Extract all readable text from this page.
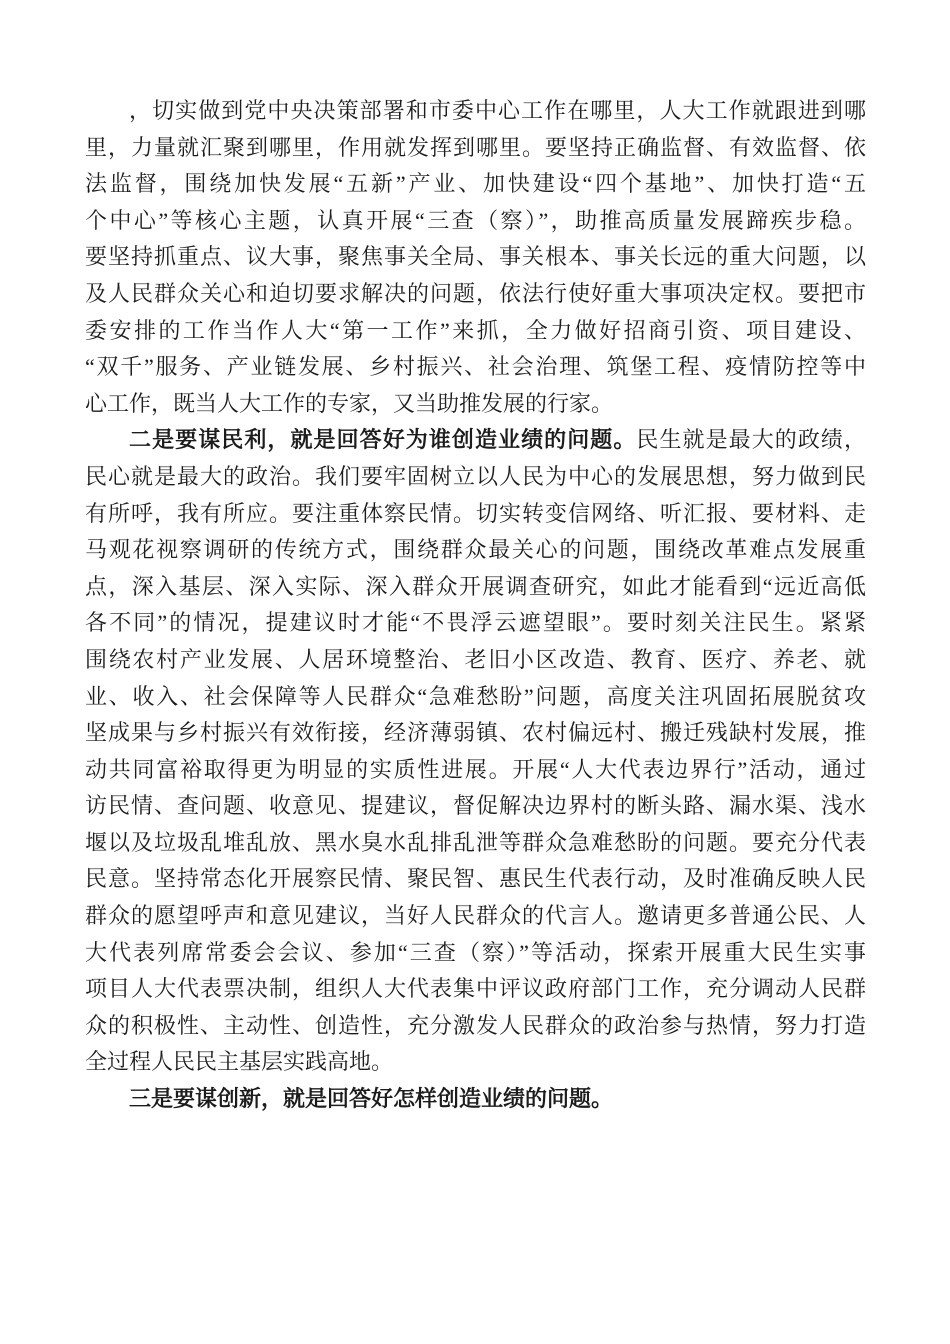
，切实做到党中央决策部署和市委中心工作在哪里，人大工作就跟进到哪
里，力量就汇聚到哪里，作用就发挥到哪里。要坚持正确监督、有效监督、依
法监督，围绕加快发展“五新”产业、加快建设“四个基地”、加快打造“五
个中心”等核心主题，认真开展“三查（察）”，助推高质量发展蹄疾步稳。
要坚持抓重点、议大事，聚焦事关全局、事关根本、事关长远的重大问题，以
及人民群众关心和迫切要求解决的问题，依法行使好重大事项决定权。要把市
委安排的工作当作人大“第一工作”来抓，全力做好招商引资、项目建设、
“双千”服务、产业链发展、乡村振兴、社会治理、筑堡工程、疫情防控等中
心工作，既当人大工作的专家，又当助推发展的行家。
二是要谋民利，就是回答好为谁创造业绩的问题。民生就是最大的政绩，
民心就是最大的政治。我们要牢固树立以人民为中心的发展思想，努力做到民
有所呼，我有所应。要注重体察民情。切实转变信网络、听汇报、要材料、走
马观花视察调研的传统方式，围绕群众最关心的问题，围绕改革难点发展重
点，深入基层、深入实际、深入群众开展调查研究，如此才能看到“远近高低
各不同”的情况，提建议时才能“不畏浮云遮望眼”。要时刻关注民生。紧紧
围绕农村产业发展、人居环境整治、老旧小区改造、教育、医疗、养老、就
业、收入、社会保障等人民群众“急难愁盼”问题，高度关注巩固拓展脱贫攻
坚成果与乡村振兴有效衔接，经济薄弱镇、农村偏远村、搬迁残缺村发展，推
动共同富裕取得更为明显的实质性进展。开展“人大代表边界行”活动，通过
访民情、查问题、收意见、提建议，督促解决边界村的断头路、漏水渠、浅水
堰以及垃圾乱堆乱放、黑水臭水乱排乱泄等群众急难愁盼的问题。要充分代表
民意。坚持常态化开展察民情、聚民智、惠民生代表行动，及时准确反映人民
群众的愿望呼声和意见建议，当好人民群众的代言人。邀请更多普通公民、人
大代表列席常委会会议、参加“三查（察）”等活动，探索开展重大民生实事
项目人大代表票决制，组织人大代表集中评议政府部门工作，充分调动人民群
众的积极性、主动性、创造性，充分激发人民群众的政治参与热情，努力打造
全过程人民民主基层实践高地。
三是要谋创新，就是回答好怎样创造业绩的问题。
